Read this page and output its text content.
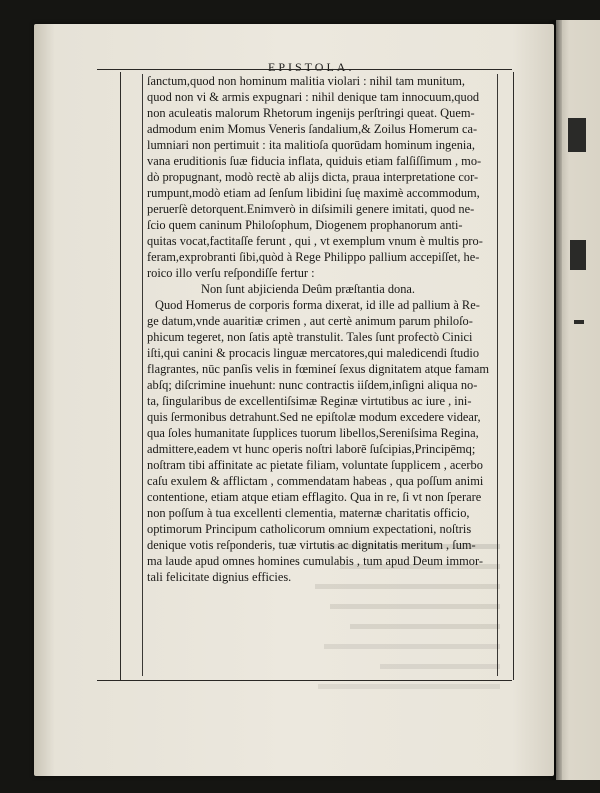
EPISTOLA.
ſanctum,quod non hominum malitia violari : nihil tam munitum,
quod non vi & armis expugnari : nihil denique tam innocuum,quod
non aculeatis malorum Rhetorum ingenijs perſtringi queat. Quem-
admodum enim Momus Veneris ſandalium,& Zoilus Homerum ca-
lumniari non pertimuit : ita malitioſa quorūdam hominum ingenia,
vana eruditionis ſuæ fiducia inflata, quiduis etiam falſiſſimum , mo-
dò propugnant, modò rectè ab alijs dicta, praua interpretatione cor-
rumpunt,modò etiam ad ſenſum libidini ſuę maximè accommodum,
peruerſè detorquent.Enimverò in diſsimili genere imitati, quod ne-
ſcio quem caninum Philoſophum, Diogenem prophanorum anti-
quitas vocat,factitaſſe ferunt , qui , vt exemplum vnum è multis pro-
feram,exprobranti ſibi,quòd à Rege Philippo pallium accepiſſet, he-
roico illo verſu reſpondiſſe fertur :
Non ſunt abjicienda Deûm præſtantia dona.
Quod Homerus de corporis forma dixerat, id ille ad pallium à Re-
ge datum,vnde auaritiæ crimen , aut certè animum parum philoſo-
phicum tegeret, non ſatis aptè transtulit. Tales ſunt profectò Cinici
iſti,qui canini & procacis linguæ mercatores,qui maledicendi ſtudio
flagrantes, nūc panſis velis in fœmineí ſexus dignitatem atque famam
abſq; diſcrimine inuehunt: nunc contractis iiſdem,inſigni aliqua no-
ta, ſingularibus de excellentiſsimæ Reginæ virtutibus ac iure , ini-
quis ſermonibus detrahunt.Sed ne epiſtolæ modum excedere videar,
qua ſoles humanitate ſupplices tuorum libellos,Sereniſsima Regina,
admittere,eadem vt hunc operis noſtri laborē ſuſcipias,Principēmq;
noſtram tibi affinitate ac pietate filiam, voluntate ſupplicem , acerbo
caſu exulem & afflictam , commendatam habeas , qua poſſum animi
contentione, etiam atque etiam efflagito. Qua in re, ſi vt non ſperare
non poſſum à tua excellenti clementia, maternæ charitatis officio,
optimorum Principum catholicorum omnium expectationi, noſtris
denique votis reſponderis, tuæ virtutis ac dignitatis meritum , ſum-
ma laude apud omnes homines cumulabis , tum apud Deum immor-
tali felicitate dignius efficies.
